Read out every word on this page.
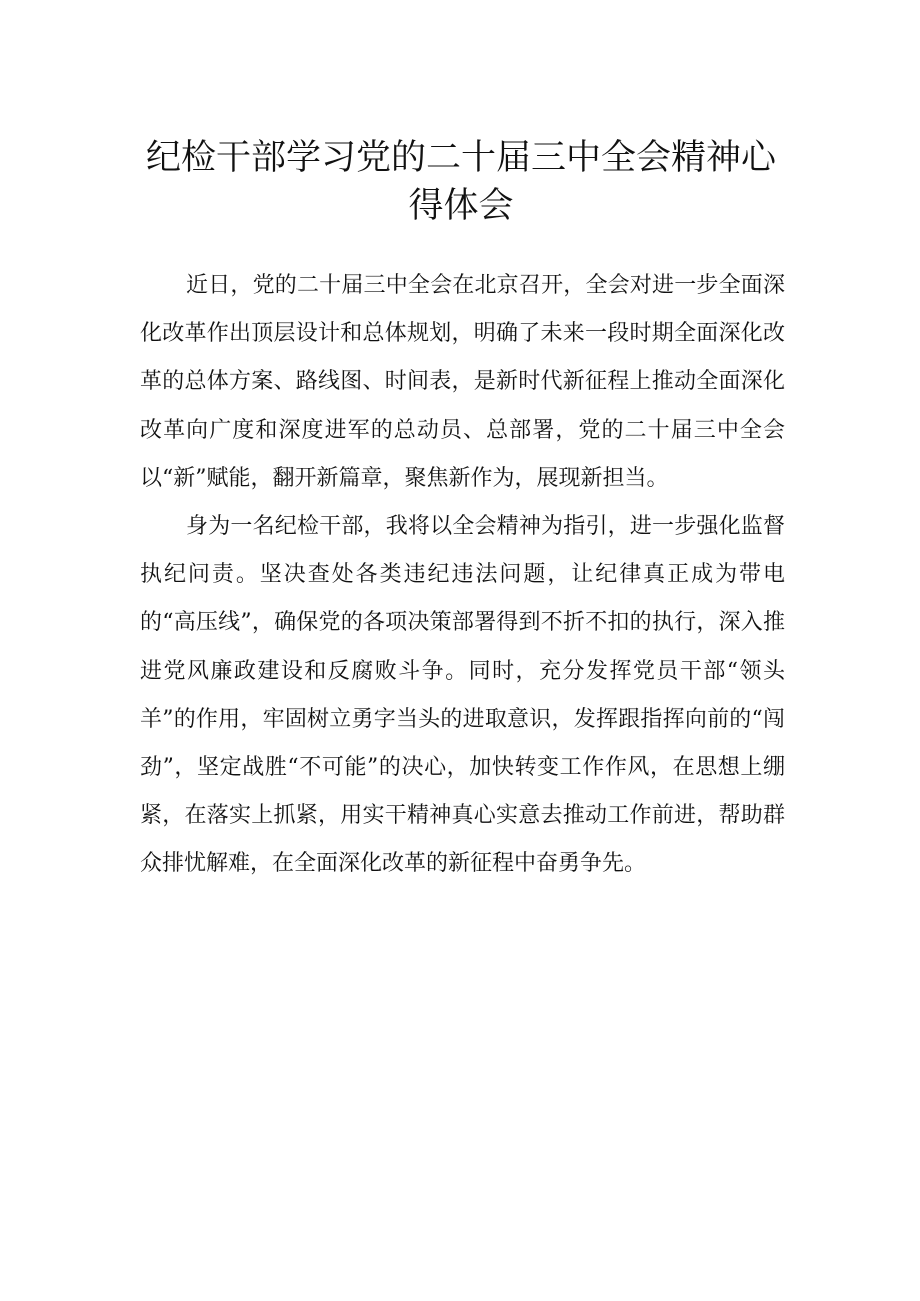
纪检干部学习党的二十届三中全会精神心得体会

近日，党的二十届三中全会在北京召开，全会对进一步全面深化改革作出顶层设计和总体规划，明确了未来一段时期全面深化改革的总体方案、路线图、时间表，是新时代新征程上推动全面深化改革向广度和深度进军的总动员、总部署，党的二十届三中全会以“新”赋能，翻开新篇章，聚焦新作为，展现新担当。

身为一名纪检干部，我将以全会精神为指引，进一步强化监督执纪问责。坚决查处各类违纪违法问题，让纪律真正成为带电的“高压线”，确保党的各项决策部署得到不折不扣的执行，深入推进党风廉政建设和反腐败斗争。同时，充分发挥党员干部“领头羊”的作用，牢固树立勇字当头的进取意识，发挥跟指挥向前的“闯劲”，坚定战胜“不可能”的决心，加快转变工作作风，在思想上绷紧，在落实上抓紧，用实干精神真心实意去推动工作前进，帮助群众排忧解难，在全面深化改革的新征程中奋勇争先。
